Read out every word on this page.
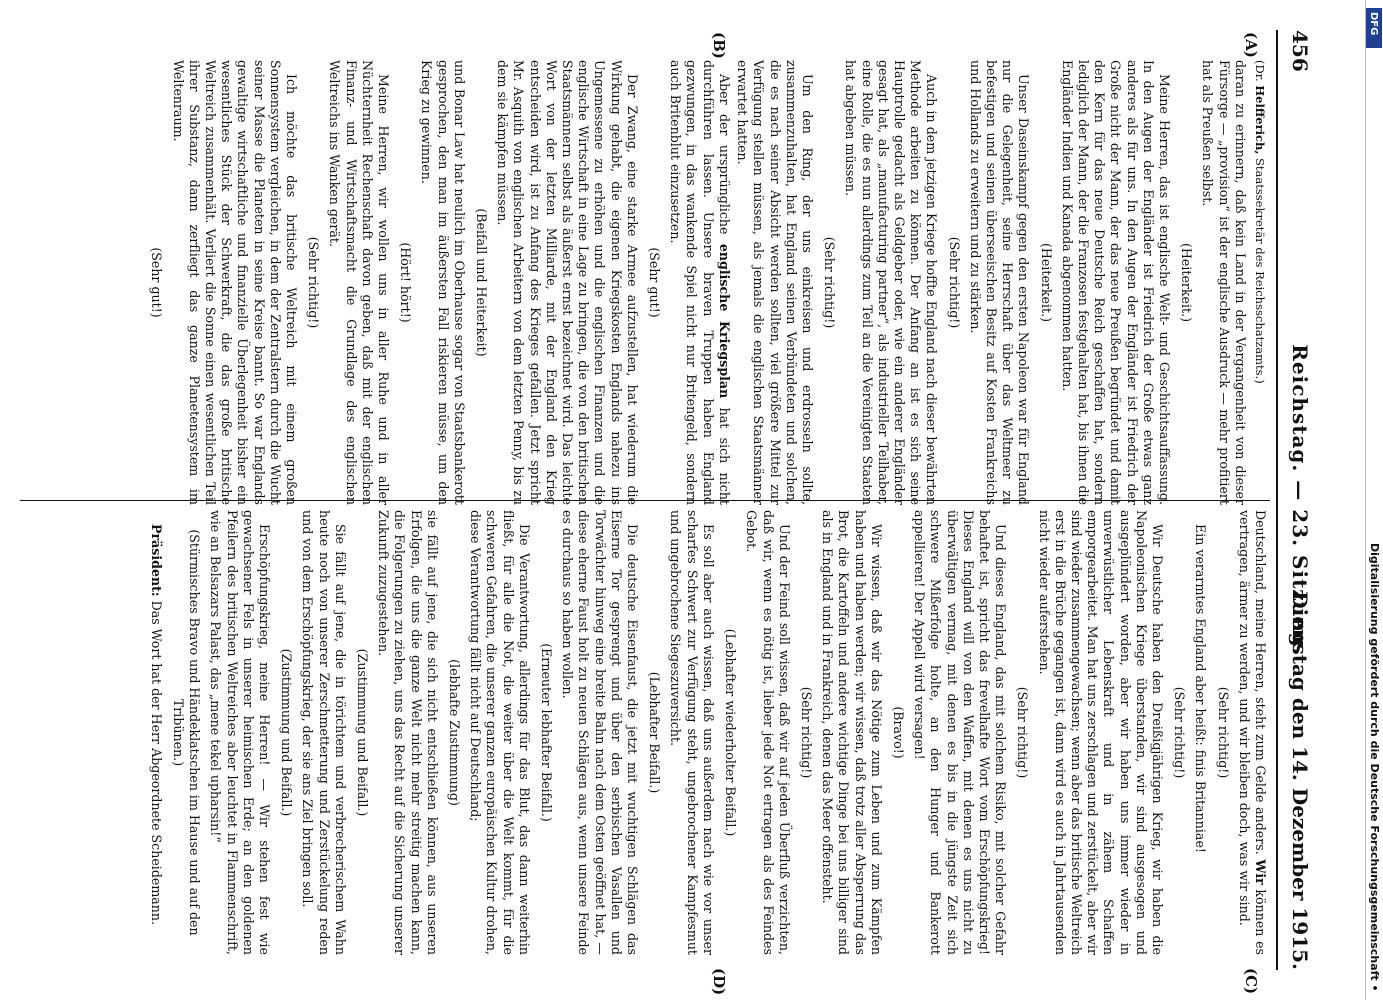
456
Reichstag. — 23. Sitzung.
Dienstag den 14. Dezember 1915.
(A)
(B)
(C)
(D)

(Dr. Helfferich, Staatssekretär des Reichsschatzamts.)

daran zu erinnern, daß kein Land in der Vergangenheit von dieser Fürsorge — „provision“ ist der englische Ausdruck — mehr profitiert hat als Preußen selbst.

(Heiterkeit.)

Meine Herren, das ist englische Welt- und Geschichtsauffassung. In den Augen der Engländer ist Friedrich der Große etwas ganz anderes als für uns. In den Augen der Engländer ist Friedrich der Große nicht der Mann, der das neue Preußen begründet und damit den Kern für das neue Deutsche Reich geschaffen hat, sondern lediglich der Mann, der die Franzosen festgehalten hat, bis ihnen die Engländer Indien und Kanada abgenommen hatten.

(Heiterkeit.)

Unser Daseinskampf gegen den ersten Napoleon war für England nur die Gelegenheit, seine Herrschaft über das Weltmeer zu befestigen und seinen überseeischen Besitz auf Kosten Frankreichs und Hollands zu erweitern und zu stärken.

(Sehr richtig!)

Auch in dem jetzigen Kriege hoffte England nach dieser bewährten Methode arbeiten zu können. Der Anfang an ist es sich seine Hauptrolle gedacht als Geldgeber oder, wie ein anderer Engländer gesagt hat, als „manufacturing partner“, als industrieller Teilhaber, eine Rolle, die es nun allerdings zum Teil an die Vereinigten Staaten hat abgeben müssen.

(Sehr richtig!)

Um den Ring, der uns einkreisen und erdrosseln sollte, zusammenzuhalten, hat England seinen Verbündeten und solchen, die es nach seiner Absicht werden sollten, viel größere Mittel zur Verfügung stellen müssen, als jemals die englischen Staatsmänner erwartet hatten.

Aber der ursprüngliche englische Kriegsplan hat sich nicht durchführen lassen. Unsere braven Truppen haben England gezwungen, in das wankende Spiel nicht nur Britengeld, sondern auch Britenblut einzusetzen.

(Sehr gut!)

Der Zwang, eine starke Armee aufzustellen, hat wiederum die Wirkung gehabt, die eigenen Kriegskosten Englands nahezu ins Ungemessene zu erhöhen und die englischen Finanzen und die englische Wirtschaft in eine Lage zu bringen, die von den britischen Staatsmännern selbst als äußerst ernst bezeichnet wird. Das leichte Wort von der letzten Milliarde, mit der England den Krieg entscheiden wird, ist zu Anfang des Krieges gefallen. Jetzt spricht Mr. Asquith von englischen Arbeitern von dem letzten Penny, bis zu dem sie kämpfen müssen.

(Beifall und Heiterkeit)

und Bonar Law hat neulich im Oberhause sogar von Staatsbankerott gesprochen, den man im äußersten Fall riskieren müsse, um den Krieg zu gewinnen.

(Hört! hört!)

Meine Herren, wir wollen uns in aller Ruhe und in aller Nüchternheit Rechenschaft davon geben, daß mit der englischen Finanz- und Wirtschaftsmacht die Grundlage des englischen Weltreichs ins Wanken gerät.

(Sehr richtig!)

Ich möchte das britische Weltreich mit einem großen Sonnensystem vergleichen, in dem der Zentralstern durch die Wucht seiner Masse die Planeten in seine Kreise bannt. So war Englands gewaltige wirtschaftliche und finanzielle Überlegenheit bisher ein wesentliches Stück der Schwerkraft, die das große britische Weltreich zusammenhält. Verliert die Sonne einen wesentlichen Teil ihrer Substanz, dann zerfliegt das ganze Planetensystem im Weltenraum.

(Sehr gut!)

Deutschland, meine Herren, steht zum Gelde anders. Wir können es vertragen, ärmer zu werden, und wir bleiben doch, was wir sind.

(Sehr richtig!)

Ein verarmtes England aber heißt: finis Britanniae!

(Sehr richtig!)

Wir Deutsche haben den Dreißigjährigen Krieg, wir haben die Napoleonischen Kriege überstanden, wir sind ausgesogen und ausgeplündert worden, aber wir haben uns immer wieder in unverwüstlicher Lebenskraft und in zähem Schaffen emporgearbeitet. Man hat uns zerschlagen und zerstückelt, aber wir sind wieder zusammengewachsen; wenn aber das britische Weltreich erst in die Brüche gegangen ist, dann wird es auch in Jahrtausenden nicht wieder auferstehen.

(Sehr richtig!)

Und dieses England, das mit solchem Risiko, mit solcher Gefahr behaftet ist, spricht das frevelhafte Wort vom Erschöpfungskrieg! Dieses England will von den Waffen, mit denen es uns nicht zu überwältigen vermag, mit denen es bis in die jüngste Zeit sich schwere Mißerfolge holte, an den Hunger und Bankerott appellieren! Der Appell wird versagen!

(Bravo!)

Wir wissen, daß wir das Nötige zum Leben und zum Kämpfen haben und haben werden; wir wissen, daß trotz aller Absperrung das Brot, die Kartoffeln und andere wichtige Dinge bei uns billiger sind als in England und in Frankreich, denen das Meer offensteht.

(Sehr richtig!)

Und der Feind soll wissen, daß wir auf jeden Überfluß verzichten, daß wir, wenn es nötig ist, lieber jede Not ertragen als des Feindes Gebot.

(Lebhafter wiederholter Beifall.)

Es soll aber auch wissen, daß uns außerdem nach wie vor unser scharfes Schwert zur Verfügung steht, ungebrochener Kampfesmut und ungebrochene Siegeszuversicht.

(Lebhafter Beifall.)

Die deutsche Eisenfaust, die jetzt mit wuchtigen Schlägen das Eiserne Tor gesprengt und über den serbischen Vasallen und Torwächter hinweg eine breite Bahn nach dem Osten geöffnet hat, — diese eherne Faust holt zu neuen Schlägen aus, wenn unsere Feinde es durchaus so haben wollen.

(Erneuter lebhafter Beifall.)

Die Verantwortung, allerdings für das Blut, das dann weiterhin fließt, für alle die Not, die weiter über die Welt kommt, für die schweren Gefahren, die unserer ganzen europäischen Kultur drohen, diese Verantwortung fällt nicht auf Deutschland;

(lebhafte Zustimmung)

sie fällt auf jene, die sich nicht entschließen können, aus unseren Erfolgen, die uns die ganze Welt nicht mehr streitig machen kann, die Folgerungen zu ziehen, uns das Recht auf die Sicherung unserer Zukunft zuzugestehen.

(Zustimmung und Beifall.)

Sie fällt auf jene, die in törichtem und verbrecherischem Wahn heute noch von unserer Zerschmetterung und Zerstückelung reden und von dem Erschöpfungskrieg, der sie ans Ziel bringen soll.

(Zustimmung und Beifall.)

Erschöpfungskrieg, meine Herren! — Wir stehen fest wie gewachsener Fels in unserer heimischen Erde; an den goldenen Pfeilern des britischen Weltreiches aber leuchtet in Flammenschrift, wie an Belsazars Palast, das „mene tekel upharsin!“

(Stürmisches Bravo und Händeklatschen im Hause und auf den Tribünen.)

Präsident: Das Wort hat der Herr Abgeordnete Scheidemann.	Digitalisierung gefördert durch die Deutsche Forschungsgemeinschaft •
DFG
